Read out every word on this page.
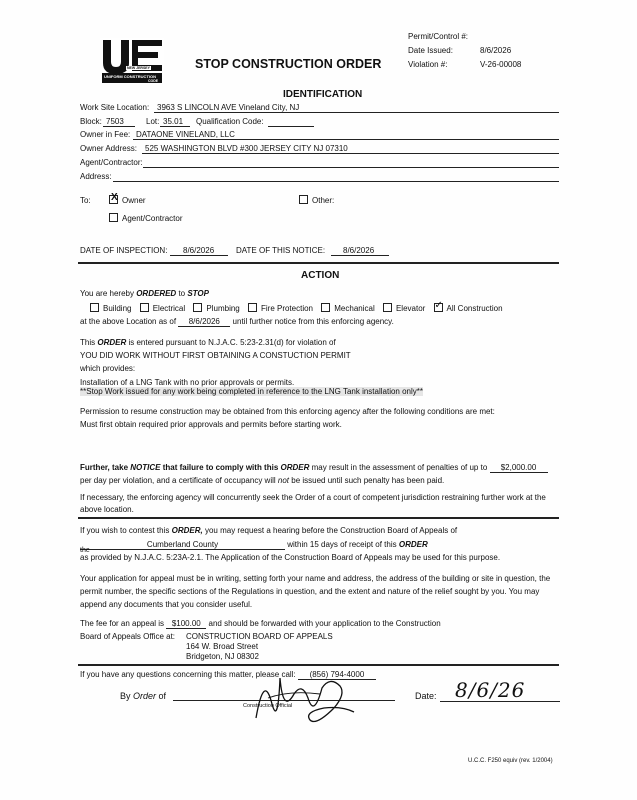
NEW JERSEY
UNIFORM CONSTRUCTION
CODE
STOP CONSTRUCTION ORDER
Permit/Control #:
Date Issued:	8/6/2026
Violation #:	V-26-00008
IDENTIFICATION
Work Site Location: 3963 S LINCOLN AVE Vineland City, NJ
Block: 7503	Lot: 35.01 Qualification Code:
Owner in Fee: DATAONE VINELAND, LLC
Owner Address: 525 WASHINGTON BLVD #300 JERSEY CITY NJ 07310
Agent/Contractor:
Address:
To: X Owner
Agent/Contractor
Other:
DATE OF INSPECTION: 8/6/2026	DATE OF THIS NOTICE: 8/6/2026
ACTION
You are hereby ORDERED to STOP
Building	Electrical	Plumbing	Fire Protection	Mechanical	Elevator ✓ All Construction
at the above Location as of 8/6/2026 until further notice from this enforcing agency.
This ORDER is entered pursuant to N.J.A.C. 5:23-2.31(d) for violation of
YOU DID WORK WITHOUT FIRST OBTAINING A CONSTUCTION PERMIT
which provides:
Installation of a LNG Tank with no prior approvals or permits.
**Stop Work issued for any work being completed in reference to the LNG Tank installation only**
Permission to resume construction may be obtained from this enforcing agency after the following conditions are met:
Must first obtain required prior approvals and permits before starting work.
Further, take NOTICE that failure to comply with this ORDER may result in the assessment of penalties of up to $2,000.00
per day per violation, and a certificate of occupancy will not be issued until such penalty has been paid.
If necessary, the enforcing agency will concurrently seek the Order of a court of competent jurisdiction restraining further work at the above location.
If you wish to contest this ORDER, you may request a hearing before the Construction Board of Appeals of
Cumberland County	within 15 days of receipt of this ORDER
the
as provided by N.J.A.C. 5:23A-2.1. The Application of the Construction Board of Appeals may be used for this purpose.
Your application for appeal must be in writing, setting forth your name and address, the address of the building or site in question, the permit number, the specific sections of the Regulations in question, and the extent and nature of the relief sought by you. You may append any documents that you consider useful.
The fee for an appeal is $100.00 and should be forwarded with your application to the Construction
Board of Appeals Office at: CONSTRUCTION BOARD OF APPEALS
164 W. Broad Street
Bridgeton, NJ 08302
If you have any questions concerning this matter, please call: (856) 794-4000
By Order of
Construction Official
Date: 8/6/26
U.C.C. F250 equiv (rev. 1/2004)
